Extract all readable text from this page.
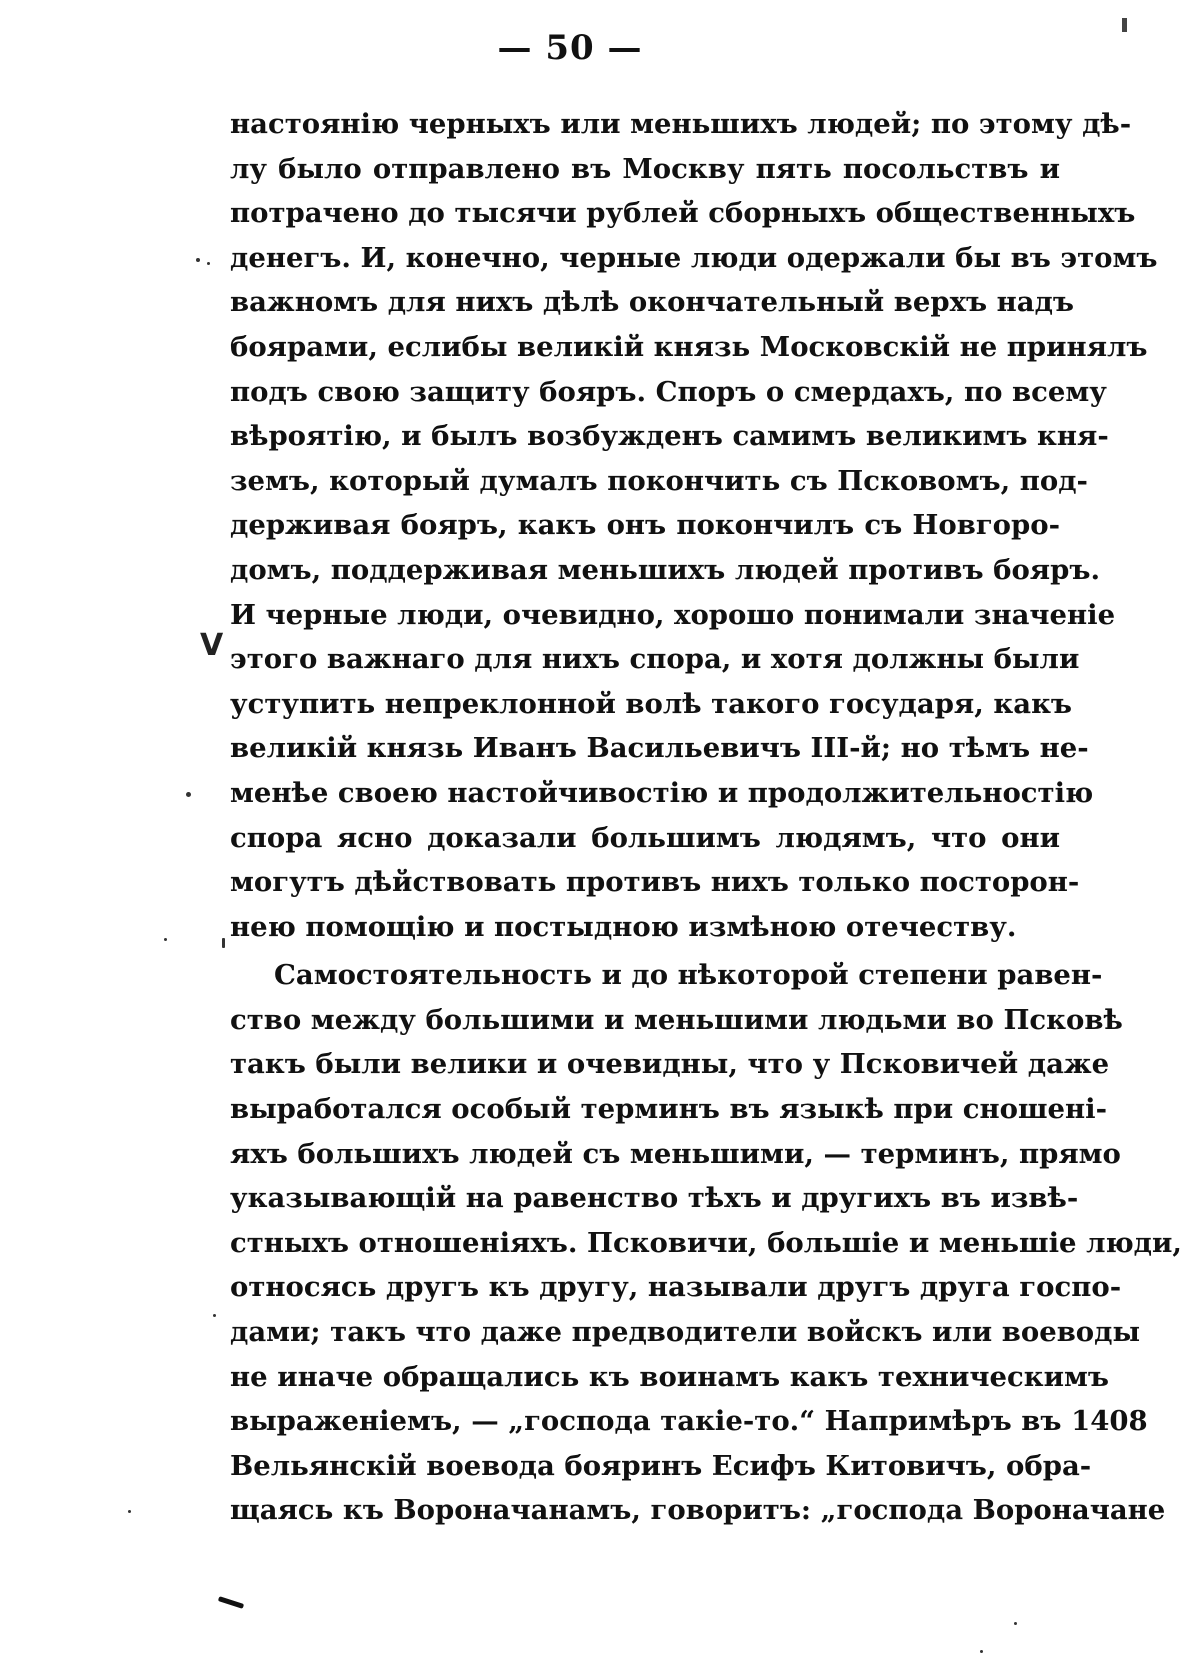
— 50 —
V
настоянію черныхъ или меньшихъ людей; по этому дѣ-
лу было отправлено въ Москву пять посольствъ и
потрачено до тысячи рублей сборныхъ общественныхъ
денегъ. И, конечно, черные люди одержали бы въ этомъ
важномъ для нихъ дѣлѣ окончательный верхъ надъ
боярами, еслибы великій князь Московскій не принялъ
подъ свою защиту бояръ. Споръ о смердахъ, по всему
вѣроятію, и былъ возбужденъ самимъ великимъ кня-
земъ, который думалъ покончить съ Псковомъ, под-
держивая бояръ, какъ онъ покончилъ съ Новгоро-
домъ, поддерживая меньшихъ людей противъ бояръ.
И черные люди, очевидно, хорошо понимали значеніе
этого важнаго для нихъ спора, и хотя должны были
уступить непреклонной волѣ такого государя, какъ
великій князь Иванъ Васильевичъ III-й; но тѣмъ не-
менѣе своею настойчивостію и продолжительностію
спора ясно доказали большимъ людямъ, что они
могутъ дѣйствовать противъ нихъ только посторон-
нею помощію и постыдною измѣною отечеству.
Самостоятельность и до нѣкоторой степени равен-
ство между большими и меньшими людьми во Псковѣ
такъ были велики и очевидны, что у Псковичей даже
выработался особый терминъ въ языкѣ при сношені-
яхъ большихъ людей съ меньшими, — терминъ, прямо
указывающій на равенство тѣхъ и другихъ въ извѣ-
стныхъ отношеніяхъ. Псковичи, большіе и меньшіе люди,
относясь другъ къ другу, называли другъ друга госпо-
дами; такъ что даже предводители войскъ или воеводы
не иначе обращались къ воинамъ какъ техническимъ
выраженіемъ, — „господа такіе-то.“ Напримѣръ въ 1408
Вельянскій воевода бояринъ Есифъ Китовичъ, обра-
щаясь къ Вороначанамъ, говоритъ: „господа Вороначане
